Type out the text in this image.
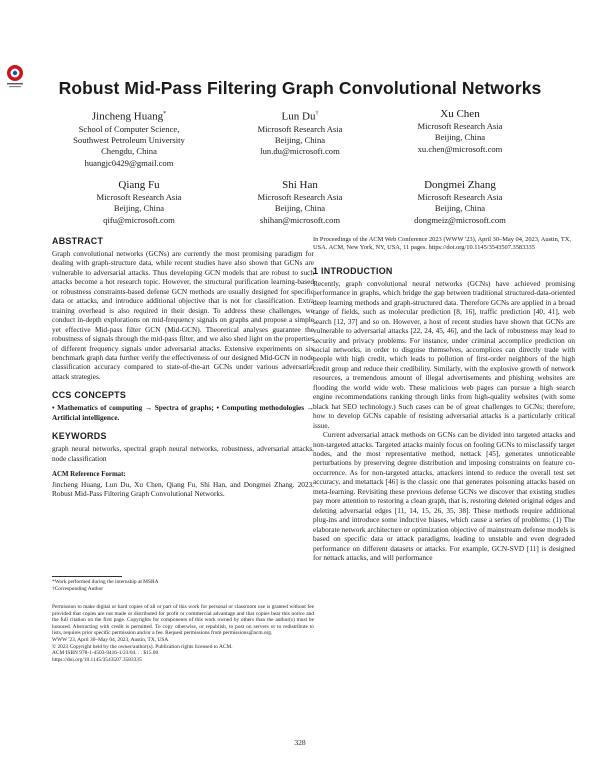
Robust Mid-Pass Filtering Graph Convolutional Networks
Jincheng Huang*
School of Computer Science,
Southwest Petroleum University
Chengdu, China
huangjc0429@gmail.com
Lun Du†
Microsoft Research Asia
Beijing, China
lun.du@microsoft.com
Xu Chen
Microsoft Research Asia
Beijing, China
xu.chen@microsoft.com
Qiang Fu
Microsoft Research Asia
Beijing, China
qifu@microsoft.com
Shi Han
Microsoft Research Asia
Beijing, China
shihan@microsoft.com
Dongmei Zhang
Microsoft Research Asia
Beijing, China
dongmeiz@microsoft.com
ABSTRACT

Graph convolutional networks (GCNs) are currently the most promising paradigm for dealing with graph-structure data, while recent studies have also shown that GCNs are vulnerable to adversarial attacks. Thus developing GCN models that are robust to such attacks become a hot research topic. However, the structural purification learning-based or robustness constraints-based defense GCN methods are usually designed for specific data or attacks, and introduce additional objective that is not for classification. Extra training overhead is also required in their design. To address these challenges, we conduct in-depth explorations on mid-frequency signals on graphs and propose a simple yet effective Mid-pass filter GCN (Mid-GCN). Theoretical analyses guarantee the robustness of signals through the mid-pass filter, and we also shed light on the properties of different frequency signals under adversarial attacks. Extensive experiments on six benchmark graph data further verify the effectiveness of our designed Mid-GCN in node classification accuracy compared to state-of-the-art GCNs under various adversarial attack strategies.

CCS CONCEPTS

• Mathematics of computing → Spectra of graphs; • Computing methodologies → Artificial intelligence.

KEYWORDS

graph neural networks, spectral graph neural networks, robustness, adversarial attacks, node classification

ACM Reference Format:

Jincheng Huang, Lun Du, Xu Chen, Qiang Fu, Shi Han, and Dongmei Zhang. 2023. Robust Mid-Pass Filtering Graph Convolutional Networks.

*Work performed during the internship at MSRA
†Corresponding Author

Permission to make digital or hard copies of all or part of this work for personal or classroom use is granted without fee provided that copies are not made or distributed for profit or commercial advantage and that copies bear this notice and the full citation on the first page. Copyrights for components of this work owned by others than the author(s) must be honored. Abstracting with credit is permitted. To copy otherwise, or republish, to post on servers or to redistribute to lists, requires prior specific permission and/or a fee. Request permissions from permissions@acm.org.

WWW '23, April 30–May 04, 2023, Austin, TX, USA
© 2023 Copyright held by the owner/author(s). Publication rights licensed to ACM.
ACM ISBN 978-1-4503-9416-1/23/04. . . $15.00
https://doi.org/10.1145/3543507.3583335

In Proceedings of the ACM Web Conference 2023 (WWW '23), April 30–May 04, 2023, Austin, TX, USA. ACM, New York, NY, USA, 11 pages. https://doi.org/10.1145/3543507.3583335

1 INTRODUCTION

Recently, graph convolutional neural networks (GCNs) have achieved promising performance in graphs, which bridge the gap between traditional structured-data-oriented deep learning methods and graph-structured data. Therefore GCNs are applied in a broad range of fields, such as molecular prediction [8, 16], traffic prediction [40, 41], web search [12, 37] and so on. However, a host of recent studies have shown that GCNs are vulnerable to adversarial attacks [22, 24, 45, 46], and the lack of robustness may lead to security and privacy problems. For instance, under criminal accomplice prediction on social networks, in order to disguise themselves, accomplices can directly trade with people with high credit, which leads to pollution of first-order neighbors of the high credit group and reduce their credibility. Similarly, with the explosive growth of network resources, a tremendous amount of illegal advertisements and phishing websites are flooding the world wide web. These malicious web pages can pursue a high search engine recommendations ranking through links from high-quality websites (with some black hat SEO technology.) Such cases can be of great challenges to GCNs; therefore, how to develop GCNs capable of resisting adversarial attacks is a particularly critical issue.

Current adversarial attack methods on GCNs can be divided into targeted attacks and non-targeted attacks. Targeted attacks mainly focus on fooling GCNs to misclassify target nodes, and the most representative method, nettack [45], generates unnoticeable perturbations by preserving degree distribution and imposing constraints on feature co-occurrence. As for non-targeted attacks, attackers intend to reduce the overall test set accuracy, and metattack [46] is the classic one that generates poisoning attacks based on meta-learning. Revisiting these previous defense GCNs we discover that existing studies pay more attention to restoring a clean graph, that is, restoring deleted original edges and deleting adversarial edges [11, 14, 15, 26, 35, 38]. These methods require additional plug-ins and introduce some inductive biases, which cause a series of problems: (1) The elaborate network architecture or optimization objective of mainstream defense models is based on specific data or attack paradigms, leading to unstable and even degraded performance on different datasets or attacks. For example, GCN-SVD [11] is designed for nettack attacks, and will performance

328
